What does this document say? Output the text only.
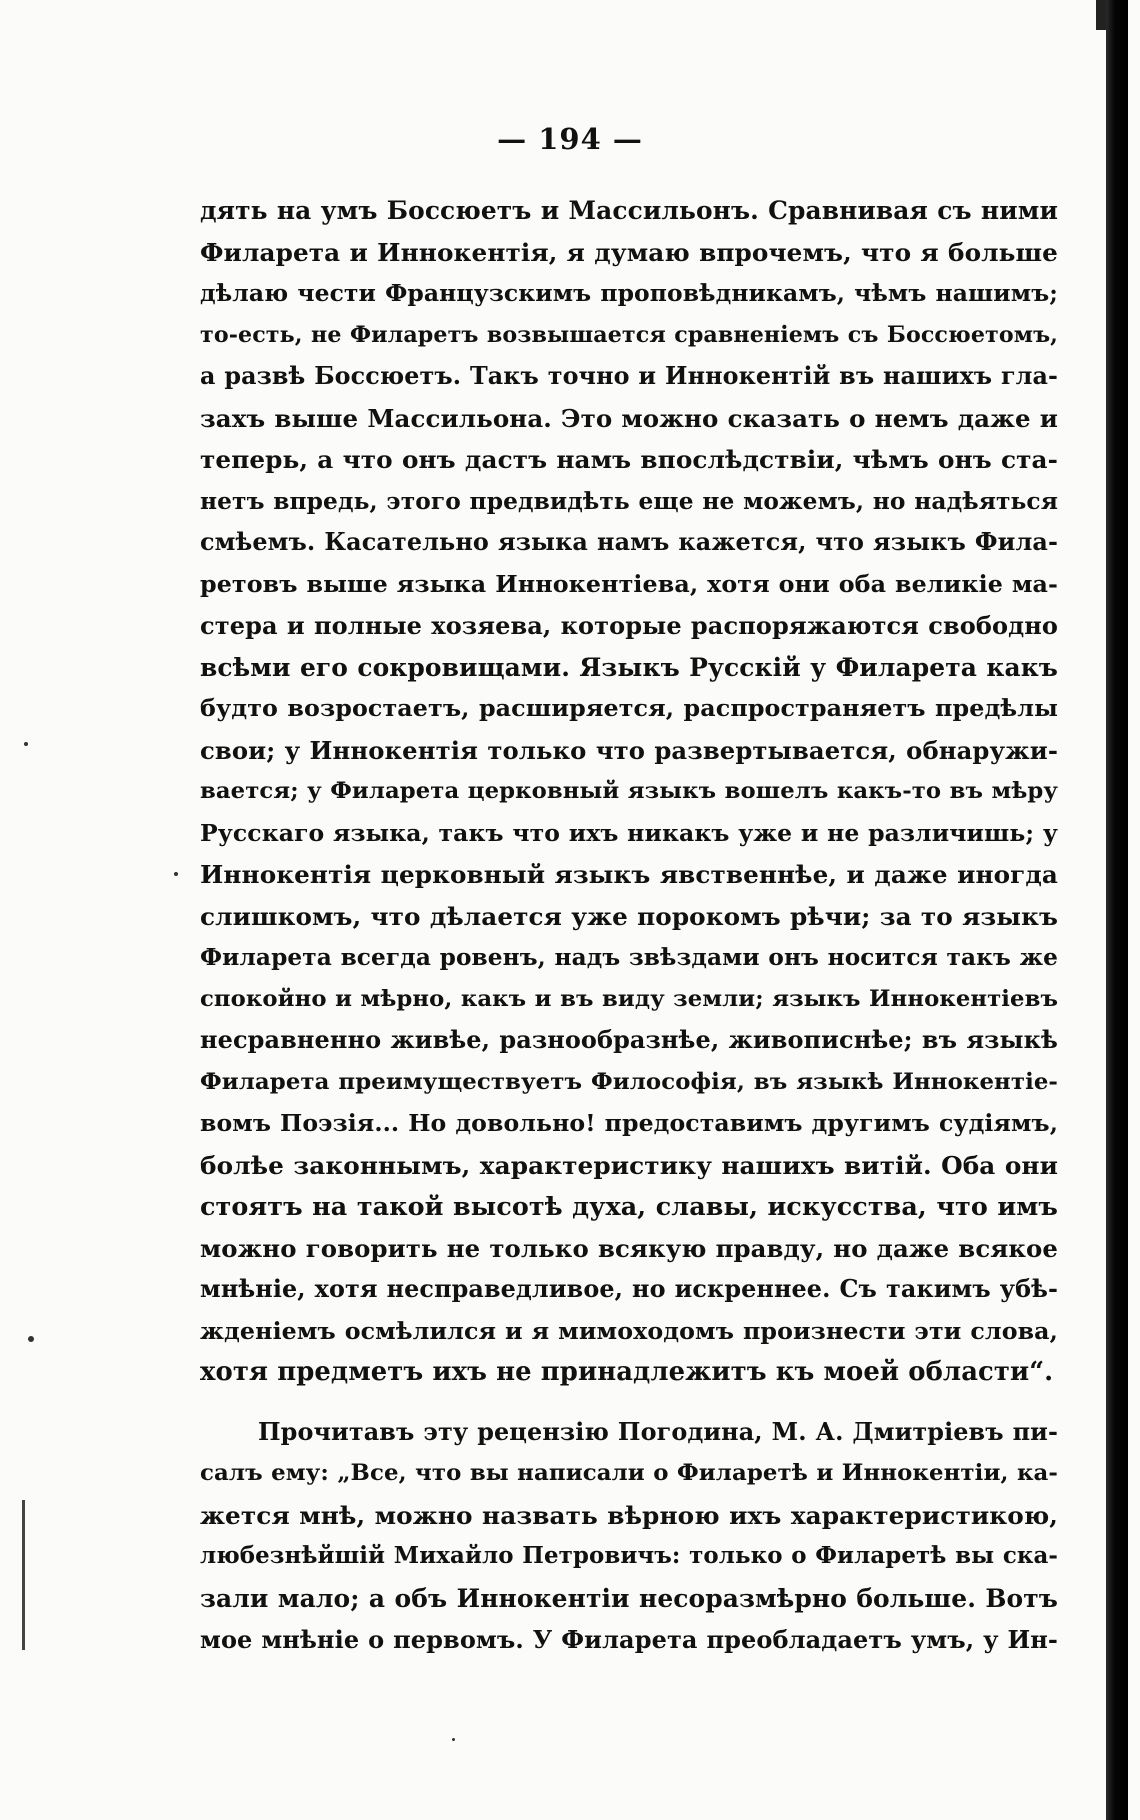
— 194 —
дять на умъ Боссюетъ и Массильонъ. Сравнивая съ ними
Филарета и Иннокентія, я думаю впрочемъ, что я больше
дѣлаю чести Французскимъ проповѣдникамъ, чѣмъ нашимъ;
то-есть, не Филаретъ возвышается сравненіемъ съ Боссюетомъ,
а развѣ Боссюетъ. Такъ точно и Иннокентій въ нашихъ гла-
захъ выше Массильона. Это можно сказать о немъ даже и
теперь, а что онъ дастъ намъ впослѣдствіи, чѣмъ онъ ста-
нетъ впредь, этого предвидѣть еще не можемъ, но надѣяться
смѣемъ. Касательно языка намъ кажется, что языкъ Фила-
ретовъ выше языка Иннокентіева, хотя они оба великіе ма-
стера и полные хозяева, которые распоряжаются свободно
всѣми его сокровищами. Языкъ Русскій у Филарета какъ
будто возростаетъ, расширяется, распространяетъ предѣлы
свои; у Иннокентія только что развертывается, обнаружи-
вается; у Филарета церковный языкъ вошелъ какъ-то въ мѣру
Русскаго языка, такъ что ихъ никакъ уже и не различишь; у
Иннокентія церковный языкъ явственнѣе, и даже иногда
слишкомъ, что дѣлается уже порокомъ рѣчи; за то языкъ
Филарета всегда ровенъ, надъ звѣздами онъ носится такъ же
спокойно и мѣрно, какъ и въ виду земли; языкъ Иннокентіевъ
несравненно живѣе, разнообразнѣе, живописнѣе; въ языкѣ
Филарета преимуществуетъ Философія, въ языкѣ Иннокентіе-
вомъ Поэзія... Но довольно! предоставимъ другимъ судіямъ,
болѣе законнымъ, характеристику нашихъ витій. Оба они
стоятъ на такой высотѣ духа, славы, искусства, что имъ
можно говорить не только всякую правду, но даже всякое
мнѣніе, хотя несправедливое, но искреннее. Съ такимъ убѣ-
жденіемъ осмѣлился и я мимоходомъ произнести эти слова,
хотя предметъ ихъ не принадлежитъ къ моей области“.
Прочитавъ эту рецензію Погодина, М. А. Дмитріевъ пи-
салъ ему: „Все, что вы написали о Филаретѣ и Иннокентіи, ка-
жется мнѣ, можно назвать вѣрною ихъ характеристикою,
любезнѣйшій Михайло Петровичъ: только о Филаретѣ вы ска-
зали мало; а объ Иннокентіи несоразмѣрно больше. Вотъ
мое мнѣніе о первомъ. У Филарета преобладаетъ умъ, у Ин-
